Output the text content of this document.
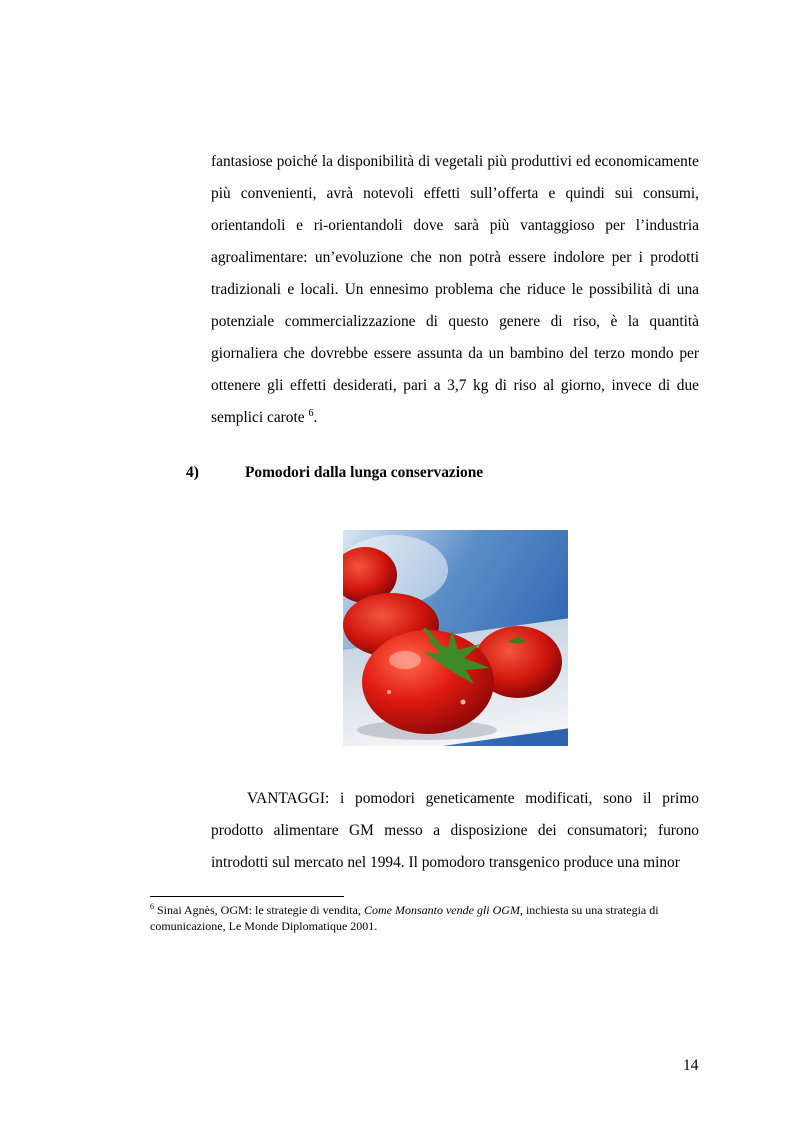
fantasiose poiché la disponibilità di vegetali più produttivi ed economicamente più convenienti, avrà notevoli effetti sull’offerta e quindi sui consumi, orientandoli e ri-orientandoli dove sarà più vantaggioso per l’industria agroalimentare: un’evoluzione che non potrà essere indolore per i prodotti tradizionali e locali. Un ennesimo problema che riduce le possibilità di una potenziale commercializzazione di questo genere di riso, è la quantità giornaliera che dovrebbe essere assunta da un bambino del terzo mondo per ottenere gli effetti desiderati, pari a 3,7 kg di riso al giorno, invece di due semplici carote $^6$.

4)	Pomodori dalla lunga conservazione

VANTAGGI: i pomodori geneticamente modificati, sono il primo prodotto alimentare GM messo a disposizione dei consumatori; furono introdotti sul mercato nel 1994. Il pomodoro transgenico produce una minor

$^6$ Sinai Agnès, OGM: le strategie di vendita, Come Monsanto vende gli OGM, inchiesta su una strategia di comunicazione, Le Monde Diplomatique 2001.

14
